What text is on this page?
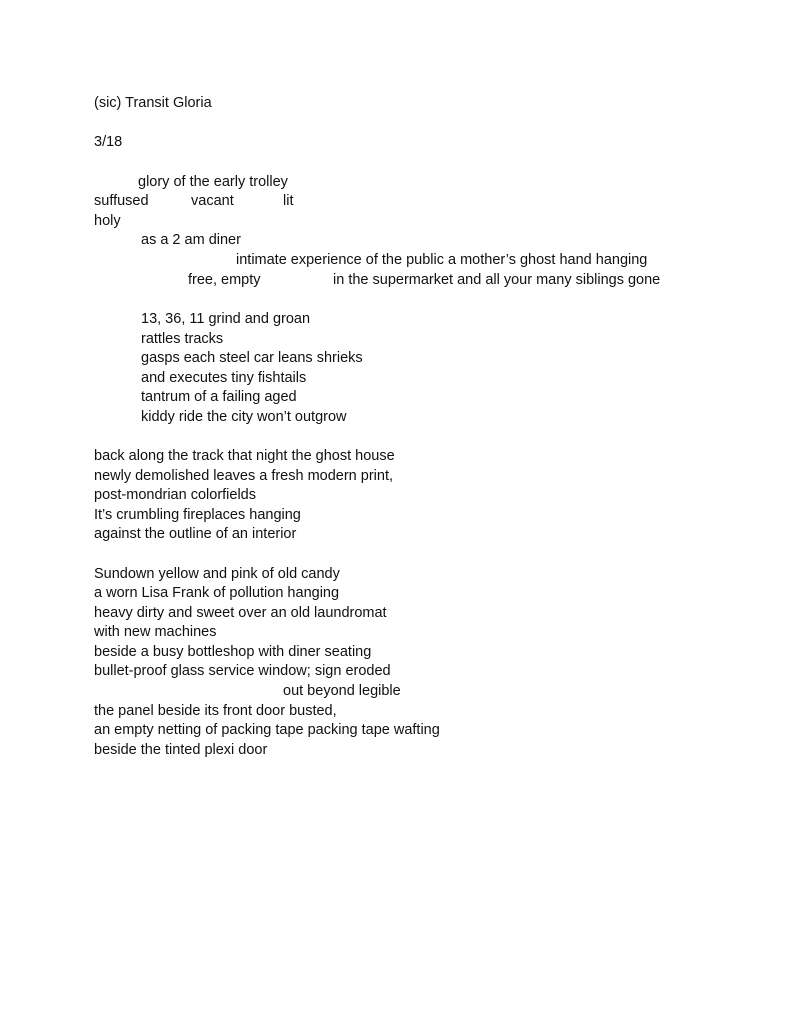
(sic) Transit Gloria
3/18
glory of the early trolley
suffused	vacant	lit
holy
as a 2 am diner
intimate experience of the public a mother’s ghost hand hanging
free, empty	in the supermarket and all your many siblings gone
13, 36, 11 grind and groan
rattles tracks
gasps each steel car leans shrieks
and executes tiny fishtails
tantrum of a failing aged
kiddy ride the city won’t outgrow
back along the track that night the ghost house
newly demolished leaves a fresh modern print,
post-mondrian colorfields
It’s crumbling fireplaces hanging
against the outline of an interior
Sundown yellow and pink of old candy
a worn Lisa Frank of pollution hanging
heavy dirty and sweet over an old laundromat
with new machines
beside a busy bottleshop with diner seating
bullet-proof glass service window; sign eroded
out beyond legible
the panel beside its front door busted,
an empty netting of packing tape packing tape wafting
beside the tinted plexi door
